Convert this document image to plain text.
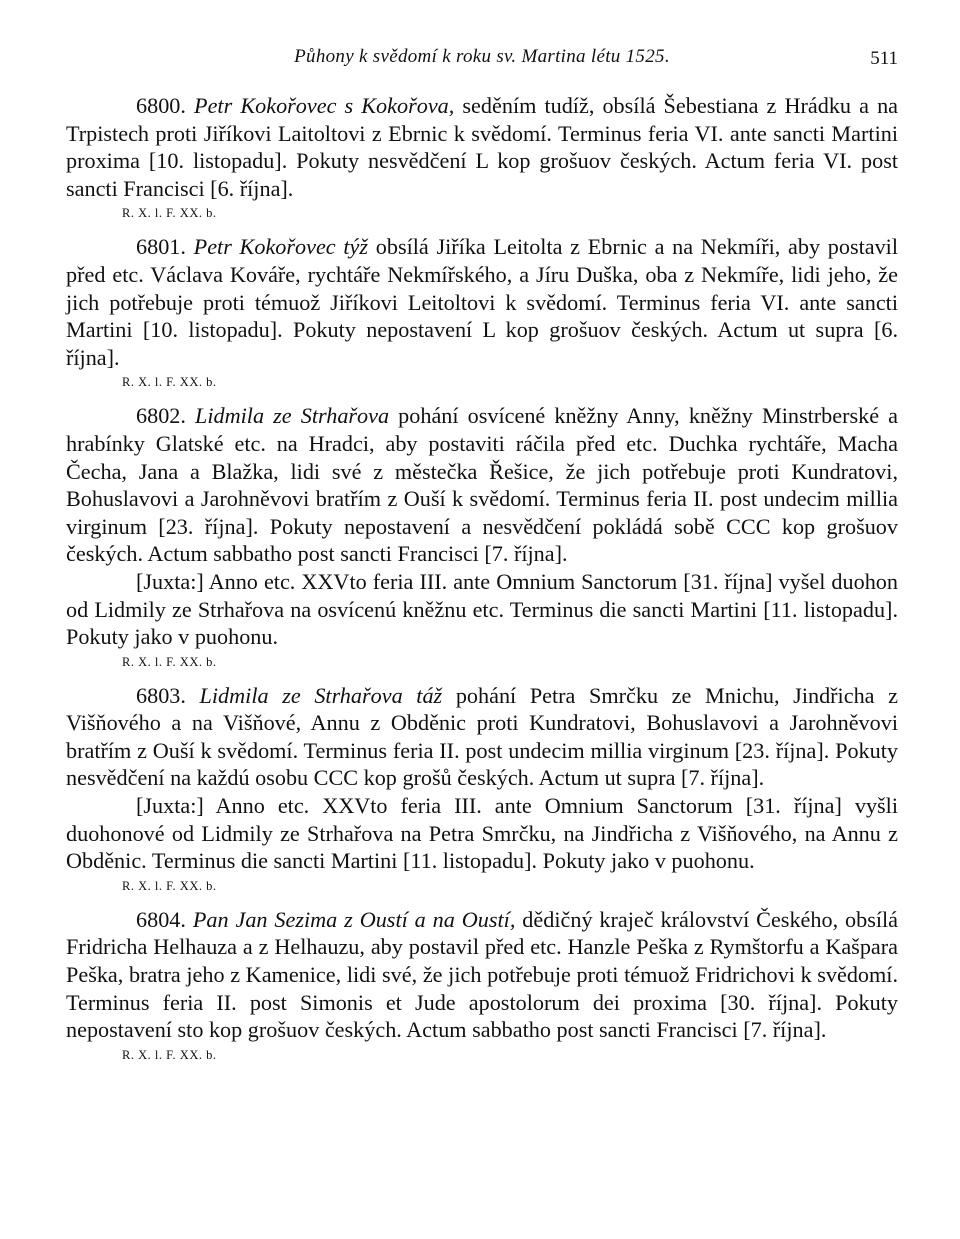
Půhony k svědomí k roku sv. Martina létu 1525.	511

6800. Petr Kokořovec s Kokořova, seděním tudíž, obsílá Šebestiana z Hrádku a na Trpistech proti Jiříkovi Laitoltovi z Ebrnic k svědomí. Terminus feria VI. ante sancti Martini proxima [10. listopadu]. Pokuty nesvědčení L kop grošuov českých. Actum feria VI. post sancti Francisci [6. října].

R. X. l. F. XX. b.

6801. Petr Kokořovec týž obsílá Jiříka Leitolta z Ebrnic a na Nekmíři, aby postavil před etc. Václava Kováře, rychtáře Nekmířského, a Jíru Duška, oba z Nekmíře, lidi jeho, že jich potřebuje proti témuož Jiříkovi Leitoltovi k svědomí. Terminus feria VI. ante sancti Martini [10. listopadu]. Pokuty nepostavení L kop grošuov českých. Actum ut supra [6. října].

R. X. l. F. XX. b.

6802. Lidmila ze Strhařova pohání osvícené kněžny Anny, kněžny Minstrberské a hrabínky Glatské etc. na Hradci, aby postaviti ráčila před etc. Duchka rychtáře, Macha Čecha, Jana a Blažka, lidi své z městečka Řešice, že jich potřebuje proti Kundratovi, Bohuslavovi a Jarohněvovi bratřím z Ouší k svědomí. Terminus feria II. post undecim millia virginum [23. října]. Pokuty nepostavení a nesvědčení pokládá sobě CCC kop grošuov českých. Actum sabbatho post sancti Francisci [7. října].

[Juxta:] Anno etc. XXVto feria III. ante Omnium Sanctorum [31. října] vyšel duohon od Lidmily ze Strhařova na osvícenú kněžnu etc. Terminus die sancti Martini [11. listopadu]. Pokuty jako v puohonu.

R. X. l. F. XX. b.

6803. Lidmila ze Strhařova táž pohání Petra Smrčku ze Mnichu, Jindřicha z Višňového a na Višňové, Annu z Obděnic proti Kundratovi, Bohuslavovi a Jarohněvovi bratřím z Ouší k svědomí. Terminus feria II. post undecim millia virginum [23. října]. Pokuty nesvědčení na každú osobu CCC kop grošů českých. Actum ut supra [7. října].

[Juxta:] Anno etc. XXVto feria III. ante Omnium Sanctorum [31. října] vyšli duohonové od Lidmily ze Strhařova na Petra Smrčku, na Jindřicha z Višňového, na Annu z Obděnic. Terminus die sancti Martini [11. listopadu]. Pokuty jako v puohonu.

R. X. l. F. XX. b.

6804. Pan Jan Sezima z Oustí a na Oustí, dědičný kraječ království Českého, obsílá Fridricha Helhauza a z Helhauzu, aby postavil před etc. Hanzle Peška z Rymštorfu a Kašpara Peška, bratra jeho z Kamenice, lidi své, že jich potřebuje proti témuož Fridrichovi k svědomí. Terminus feria II. post Simonis et Jude apostolorum dei proxima [30. října]. Pokuty nepostavení sto kop grošuov českých. Actum sabbatho post sancti Francisci [7. října].

R. X. l. F. XX. b.
